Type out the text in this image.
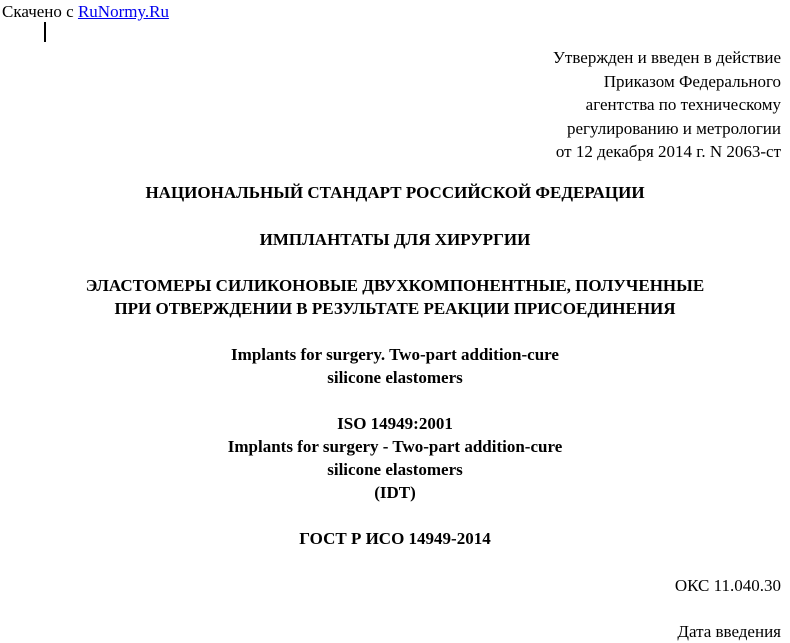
Скачено с RuNormy.Ru
Утвержден и введен в действие
Приказом Федерального
агентства по техническому
регулированию и метрологии
от 12 декабря 2014 г. N 2063-ст
НАЦИОНАЛЬНЫЙ СТАНДАРТ РОССИЙСКОЙ ФЕДЕРАЦИИ
ИМПЛАНТАТЫ ДЛЯ ХИРУРГИИ
ЭЛАСТОМЕРЫ СИЛИКОНОВЫЕ ДВУХКОМПОНЕНТНЫЕ, ПОЛУЧЕННЫЕ
ПРИ ОТВЕРЖДЕНИИ В РЕЗУЛЬТАТЕ РЕАКЦИИ ПРИСОЕДИНЕНИЯ
Implants for surgery. Two-part addition-cure
silicone elastomers
ISO 14949:2001
Implants for surgery - Two-part addition-cure
silicone elastomers
(IDT)
ГОСТ Р ИСО 14949-2014
ОКС 11.040.30
Дата введения
